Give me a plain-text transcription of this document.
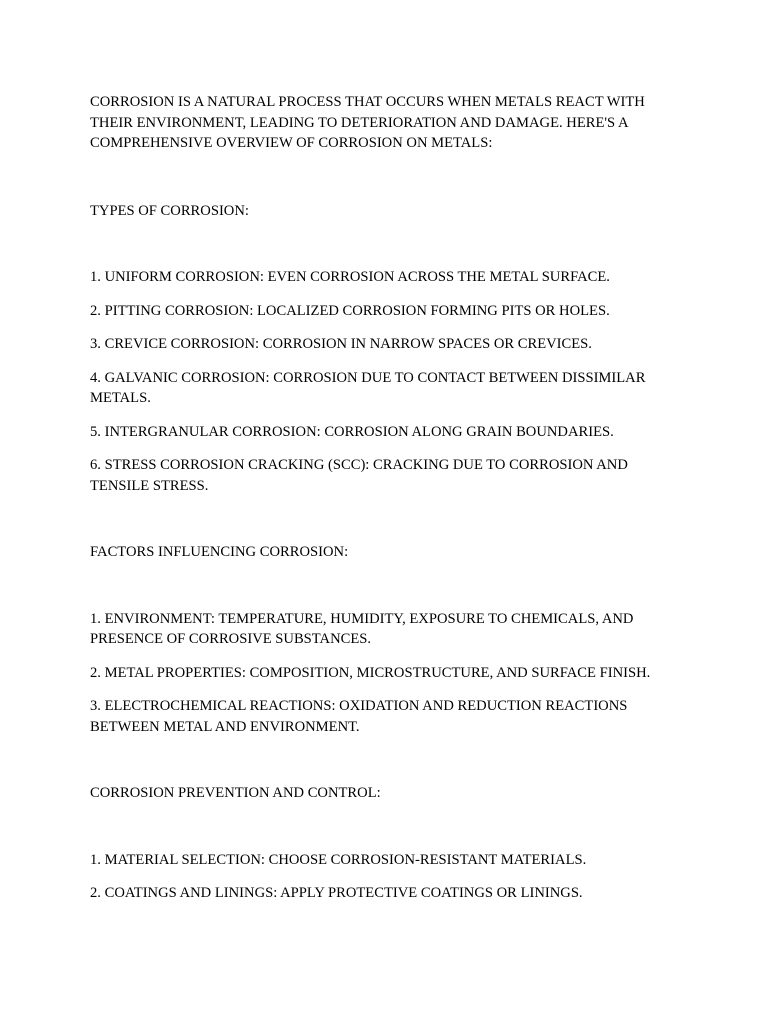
CORROSION IS A NATURAL PROCESS THAT OCCURS WHEN METALS REACT WITH THEIR ENVIRONMENT, LEADING TO DETERIORATION AND DAMAGE. HERE'S A COMPREHENSIVE OVERVIEW OF CORROSION ON METALS:

TYPES OF CORROSION:

1. UNIFORM CORROSION: EVEN CORROSION ACROSS THE METAL SURFACE.

2. PITTING CORROSION: LOCALIZED CORROSION FORMING PITS OR HOLES.

3. CREVICE CORROSION: CORROSION IN NARROW SPACES OR CREVICES.

4. GALVANIC CORROSION: CORROSION DUE TO CONTACT BETWEEN DISSIMILAR METALS.

5. INTERGRANULAR CORROSION: CORROSION ALONG GRAIN BOUNDARIES.

6. STRESS CORROSION CRACKING (SCC): CRACKING DUE TO CORROSION AND TENSILE STRESS.

FACTORS INFLUENCING CORROSION:

1. ENVIRONMENT: TEMPERATURE, HUMIDITY, EXPOSURE TO CHEMICALS, AND PRESENCE OF CORROSIVE SUBSTANCES.

2. METAL PROPERTIES: COMPOSITION, MICROSTRUCTURE, AND SURFACE FINISH.

3. ELECTROCHEMICAL REACTIONS: OXIDATION AND REDUCTION REACTIONS BETWEEN METAL AND ENVIRONMENT.

CORROSION PREVENTION AND CONTROL:

1. MATERIAL SELECTION: CHOOSE CORROSION-RESISTANT MATERIALS.

2. COATINGS AND LININGS: APPLY PROTECTIVE COATINGS OR LININGS.
